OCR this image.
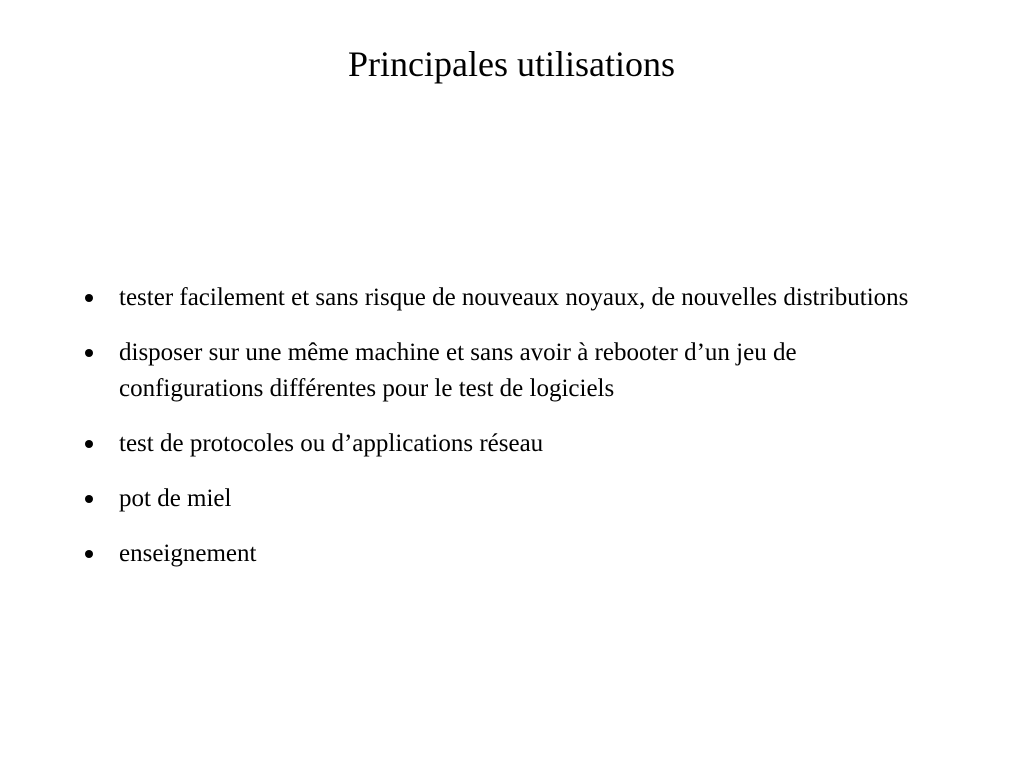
Principales utilisations
tester facilement et sans risque de nouveaux noyaux, de nouvelles distributions
disposer sur une même machine et sans avoir à rebooter d’un jeu de configurations différentes pour le test de logiciels
test de protocoles ou d’applications réseau
pot de miel
enseignement
